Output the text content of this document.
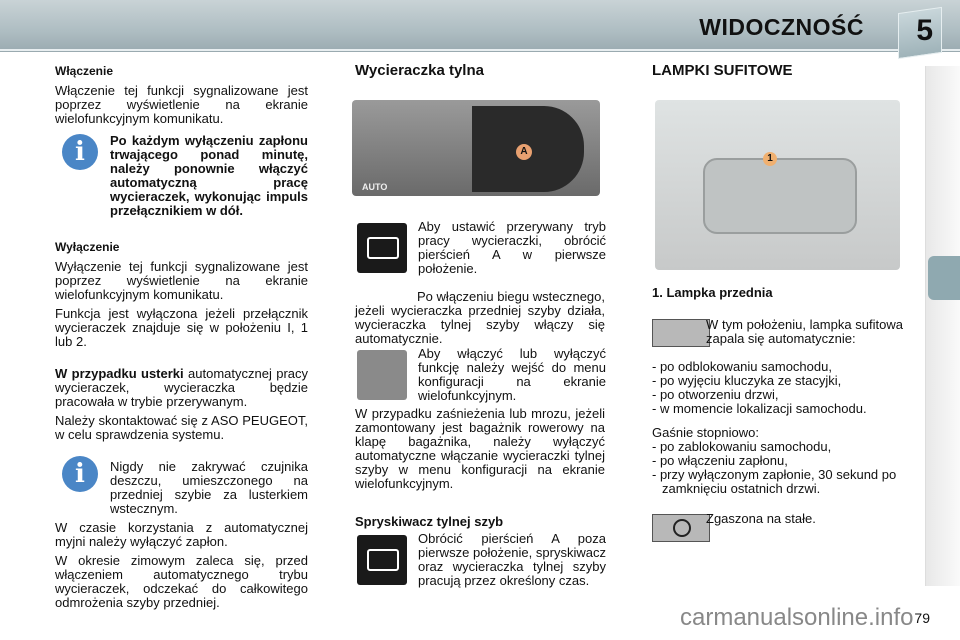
WIDOCZNOŚĆ 5
Włączenie

Włączenie tej funkcji sygnalizowane jest poprzez wyświetlenie na ekranie wielofunkcyjnym komunikatu.

Po każdym wyłączeniu zapłonu trwającego ponad minutę, należy ponownie włączyć automatyczną pracę wycieraczek, wykonując impuls przełącznikiem w dół.

Wyłączenie

Wyłączenie tej funkcji sygnalizowane jest poprzez wyświetlenie na ekranie wielofunkcyjnym komunikatu.

Funkcja jest wyłączona jeżeli przełącznik wycieraczek znajduje się w położeniu I, 1 lub 2.

W przypadku usterki automatycznej pracy wycieraczek, wycieraczka będzie pracowała w trybie przerywanym.

Należy skontaktować się z ASO PEUGEOT, w celu sprawdzenia systemu.

Nigdy nie zakrywać czujnika deszczu, umieszczonego na przedniej szybie za lusterkiem wstecznym.

W czasie korzystania z automatycznej myjni należy wyłączyć zapłon.

W okresie zimowym zaleca się, przed włączeniem automatycznego trybu wycieraczek, odczekać do całkowitego odmrożenia szyby przedniej.

i
i
Wycieraczka tylna
A
AUTO

Aby ustawić przerywany tryb pracy wycieraczki, obrócić pierścień A w pierwsze położenie.

Po włączeniu biegu wstecznego, jeżeli wycieraczka przedniej szyby działa, wycieraczka tylnej szyby włączy się automatycznie.

Aby włączyć lub wyłączyć funkcję należy wejść do menu konfiguracji na ekranie wielofunkcyjnym.

W przypadku zaśnieżenia lub mrozu, jeżeli zamontowany jest bagażnik rowerowy na klapę bagażnika, należy wyłączyć automatyczne włączanie wycieraczki tylnej szyby w menu konfiguracji na ekranie wielofunkcyjnym.

Spryskiwacz tylnej szyb

Obrócić pierścień A poza pierwsze położenie, spryskiwacz oraz wycieraczka tylnej szyby pracują przez określony czas.

LAMPKI SUFITOWE
1
1. Lampka przednia

W tym położeniu, lampka sufitowa zapala się automatycznie:

- po odblokowaniu samochodu,
- po wyjęciu kluczyka ze stacyjki,
- po otworzeniu drzwi,
- w momencie lokalizacji samochodu.
Gaśnie stopniowo:
- po zablokowaniu samochodu,
- po włączeniu zapłonu,
- przy wyłączonym zapłonie, 30 sekund po zamknięciu ostatnich drzwi.
Zgaszona na stałe.
carmanualsonline.info 79
